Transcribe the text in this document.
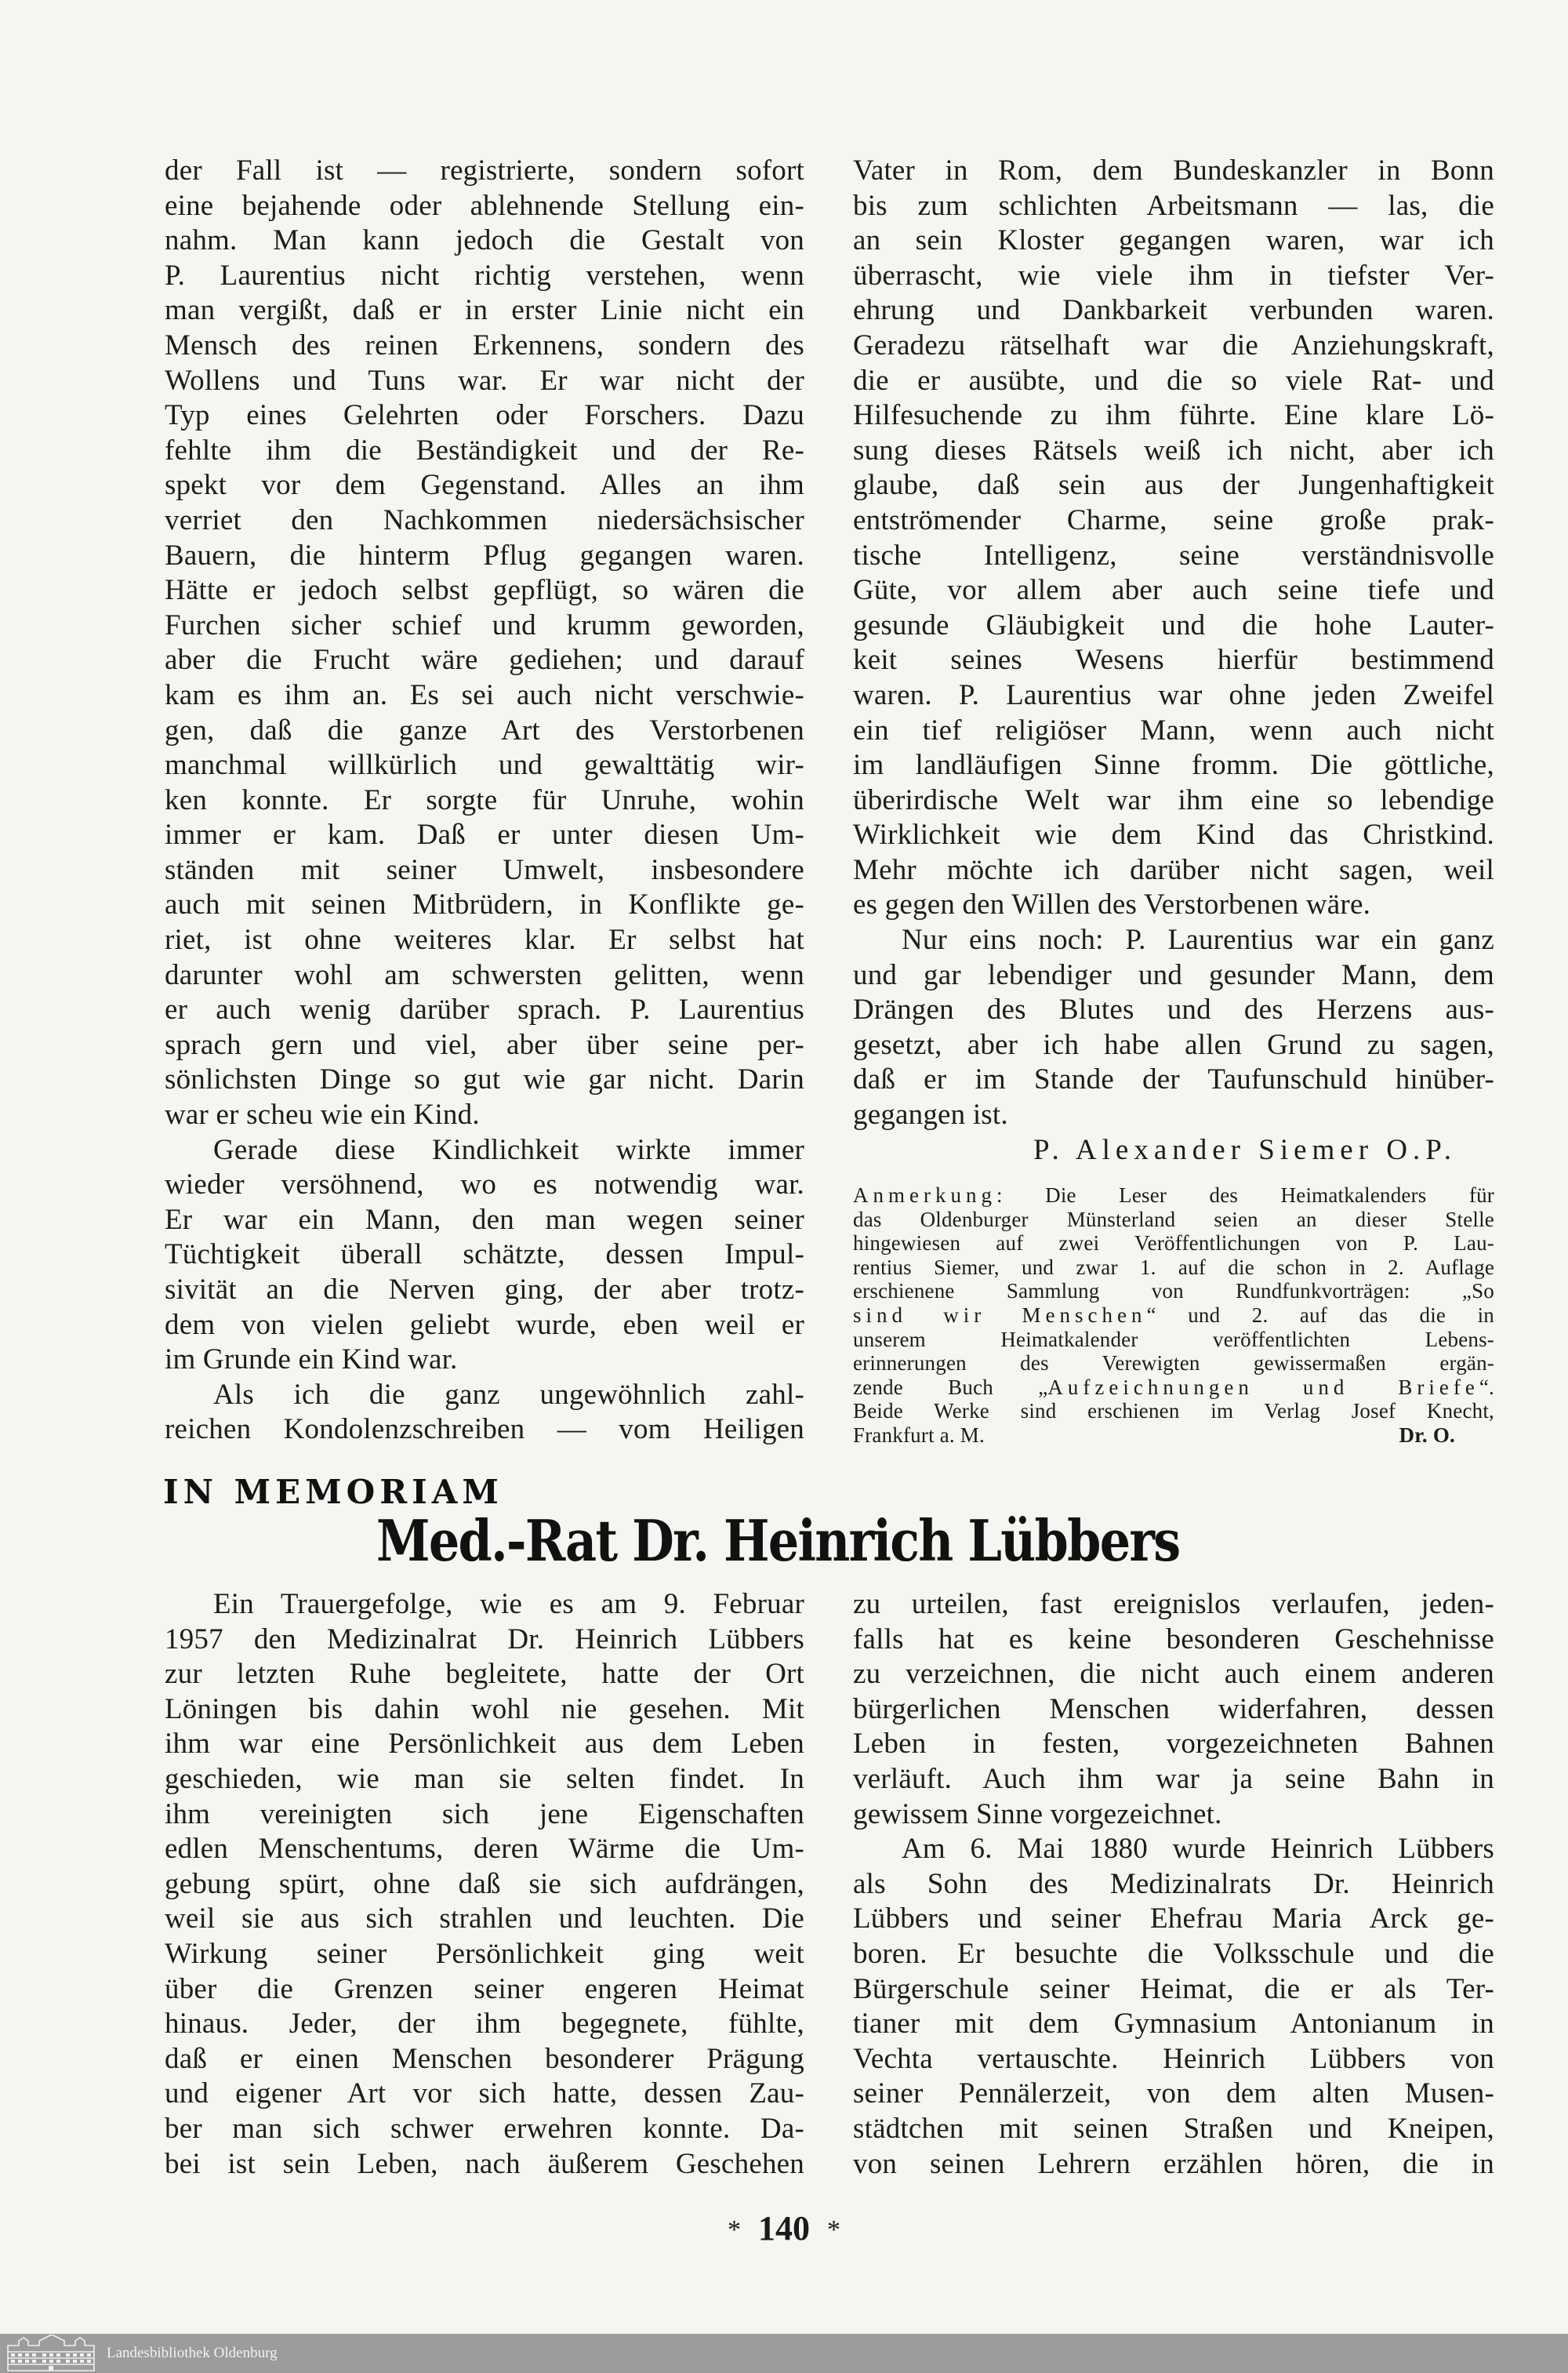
der Fall ist — registrierte, sondern sofort
eine bejahende oder ablehnende Stellung ein-
nahm. Man kann jedoch die Gestalt von
P. Laurentius nicht richtig verstehen, wenn
man vergißt, daß er in erster Linie nicht ein
Mensch des reinen Erkennens, sondern des
Wollens und Tuns war. Er war nicht der
Typ eines Gelehrten oder Forschers. Dazu
fehlte ihm die Beständigkeit und der Re-
spekt vor dem Gegenstand. Alles an ihm
verriet den Nachkommen niedersächsischer
Bauern, die hinterm Pflug gegangen waren.
Hätte er jedoch selbst gepflügt, so wären die
Furchen sicher schief und krumm geworden,
aber die Frucht wäre gediehen; und darauf
kam es ihm an. Es sei auch nicht verschwie-
gen, daß die ganze Art des Verstorbenen
manchmal willkürlich und gewalttätig wir-
ken konnte. Er sorgte für Unruhe, wohin
immer er kam. Daß er unter diesen Um-
ständen mit seiner Umwelt, insbesondere
auch mit seinen Mitbrüdern, in Konflikte ge-
riet, ist ohne weiteres klar. Er selbst hat
darunter wohl am schwersten gelitten, wenn
er auch wenig darüber sprach. P. Laurentius
sprach gern und viel, aber über seine per-
sönlichsten Dinge so gut wie gar nicht. Darin
war er scheu wie ein Kind.
Gerade diese Kindlichkeit wirkte immer
wieder versöhnend, wo es notwendig war.
Er war ein Mann, den man wegen seiner
Tüchtigkeit überall schätzte, dessen Impul-
sivität an die Nerven ging, der aber trotz-
dem von vielen geliebt wurde, eben weil er
im Grunde ein Kind war.
Als ich die ganz ungewöhnlich zahl-
reichen Kondolenzschreiben — vom Heiligen
Vater in Rom, dem Bundeskanzler in Bonn
bis zum schlichten Arbeitsmann — las, die
an sein Kloster gegangen waren, war ich
überrascht, wie viele ihm in tiefster Ver-
ehrung und Dankbarkeit verbunden waren.
Geradezu rätselhaft war die Anziehungskraft,
die er ausübte, und die so viele Rat- und
Hilfesuchende zu ihm führte. Eine klare Lö-
sung dieses Rätsels weiß ich nicht, aber ich
glaube, daß sein aus der Jungenhaftigkeit
entströmender Charme, seine große prak-
tische Intelligenz, seine verständnisvolle
Güte, vor allem aber auch seine tiefe und
gesunde Gläubigkeit und die hohe Lauter-
keit seines Wesens hierfür bestimmend
waren. P. Laurentius war ohne jeden Zweifel
ein tief religiöser Mann, wenn auch nicht
im landläufigen Sinne fromm. Die göttliche,
überirdische Welt war ihm eine so lebendige
Wirklichkeit wie dem Kind das Christkind.
Mehr möchte ich darüber nicht sagen, weil
es gegen den Willen des Verstorbenen wäre.
Nur eins noch: P. Laurentius war ein ganz
und gar lebendiger und gesunder Mann, dem
Drängen des Blutes und des Herzens aus-
gesetzt, aber ich habe allen Grund zu sagen,
daß er im Stande der Taufunschuld hinüber-
gegangen ist.
P. Alexander Siemer O.P.
Anmerkung: Die Leser des Heimatkalenders für
das Oldenburger Münsterland seien an dieser Stelle
hingewiesen auf zwei Veröffentlichungen von P. Lau-
rentius Siemer, und zwar 1. auf die schon in 2. Auflage
erschienene Sammlung von Rundfunkvorträgen: „So
sind wir Menschen“ und 2. auf das die in
unserem Heimatkalender veröffentlichten Lebens-
erinnerungen des Verewigten gewissermaßen ergän-
zende Buch „Aufzeichnungen und Briefe“.
Beide Werke sind erschienen im Verlag Josef Knecht,
Frankfurt a. M.	Dr. O.
IN MEMORIAM
Med.-Rat Dr. Heinrich Lübbers
Ein Trauergefolge, wie es am 9. Februar
1957 den Medizinalrat Dr. Heinrich Lübbers
zur letzten Ruhe begleitete, hatte der Ort
Löningen bis dahin wohl nie gesehen. Mit
ihm war eine Persönlichkeit aus dem Leben
geschieden, wie man sie selten findet. In
ihm vereinigten sich jene Eigenschaften
edlen Menschentums, deren Wärme die Um-
gebung spürt, ohne daß sie sich aufdrängen,
weil sie aus sich strahlen und leuchten. Die
Wirkung seiner Persönlichkeit ging weit
über die Grenzen seiner engeren Heimat
hinaus. Jeder, der ihm begegnete, fühlte,
daß er einen Menschen besonderer Prägung
und eigener Art vor sich hatte, dessen Zau-
ber man sich schwer erwehren konnte. Da-
bei ist sein Leben, nach äußerem Geschehen
zu urteilen, fast ereignislos verlaufen, jeden-
falls hat es keine besonderen Geschehnisse
zu verzeichnen, die nicht auch einem anderen
bürgerlichen Menschen widerfahren, dessen
Leben in festen, vorgezeichneten Bahnen
verläuft. Auch ihm war ja seine Bahn in
gewissem Sinne vorgezeichnet.
Am 6. Mai 1880 wurde Heinrich Lübbers
als Sohn des Medizinalrats Dr. Heinrich
Lübbers und seiner Ehefrau Maria Arck ge-
boren. Er besuchte die Volksschule und die
Bürgerschule seiner Heimat, die er als Ter-
tianer mit dem Gymnasium Antonianum in
Vechta vertauschte. Heinrich Lübbers von
seiner Pennälerzeit, von dem alten Musen-
städtchen mit seinen Straßen und Kneipen,
von seinen Lehrern erzählen hören, die in
* 140 *
Landesbibliothek Oldenburg
